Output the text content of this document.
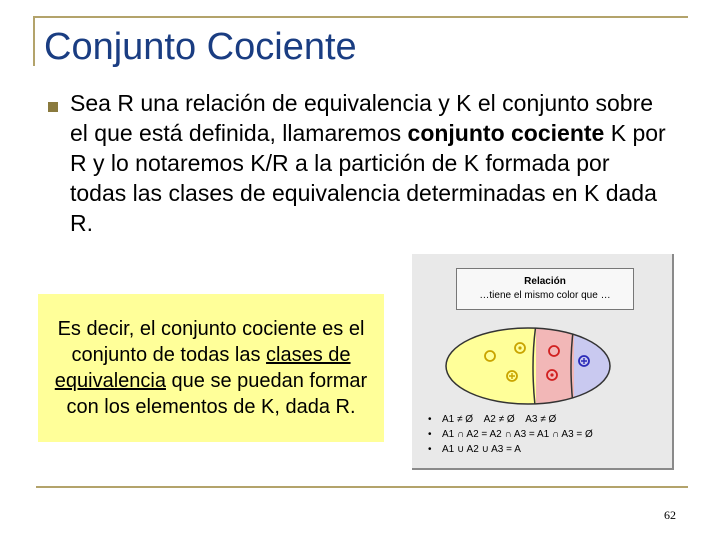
Conjunto Cociente
Sea R una relación de equivalencia y K el conjunto sobre el que está definida, llamaremos conjunto cociente K por R y lo notaremos K/R a la partición de K formada por todas las clases de equivalencia determinadas en K dada R.
Es decir, el conjunto cociente es el conjunto de todas las clases de equivalencia que se puedan formar con los elementos de K, dada R.
Relación
…tiene el mismo color que …
•	A1 ≠ Ø    A2 ≠ Ø    A3 ≠ Ø
•	A1 ∩ A2 = A2 ∩ A3 = A1 ∩ A3 = Ø
•	A1 ∪ A2 ∪ A3 = A
62
